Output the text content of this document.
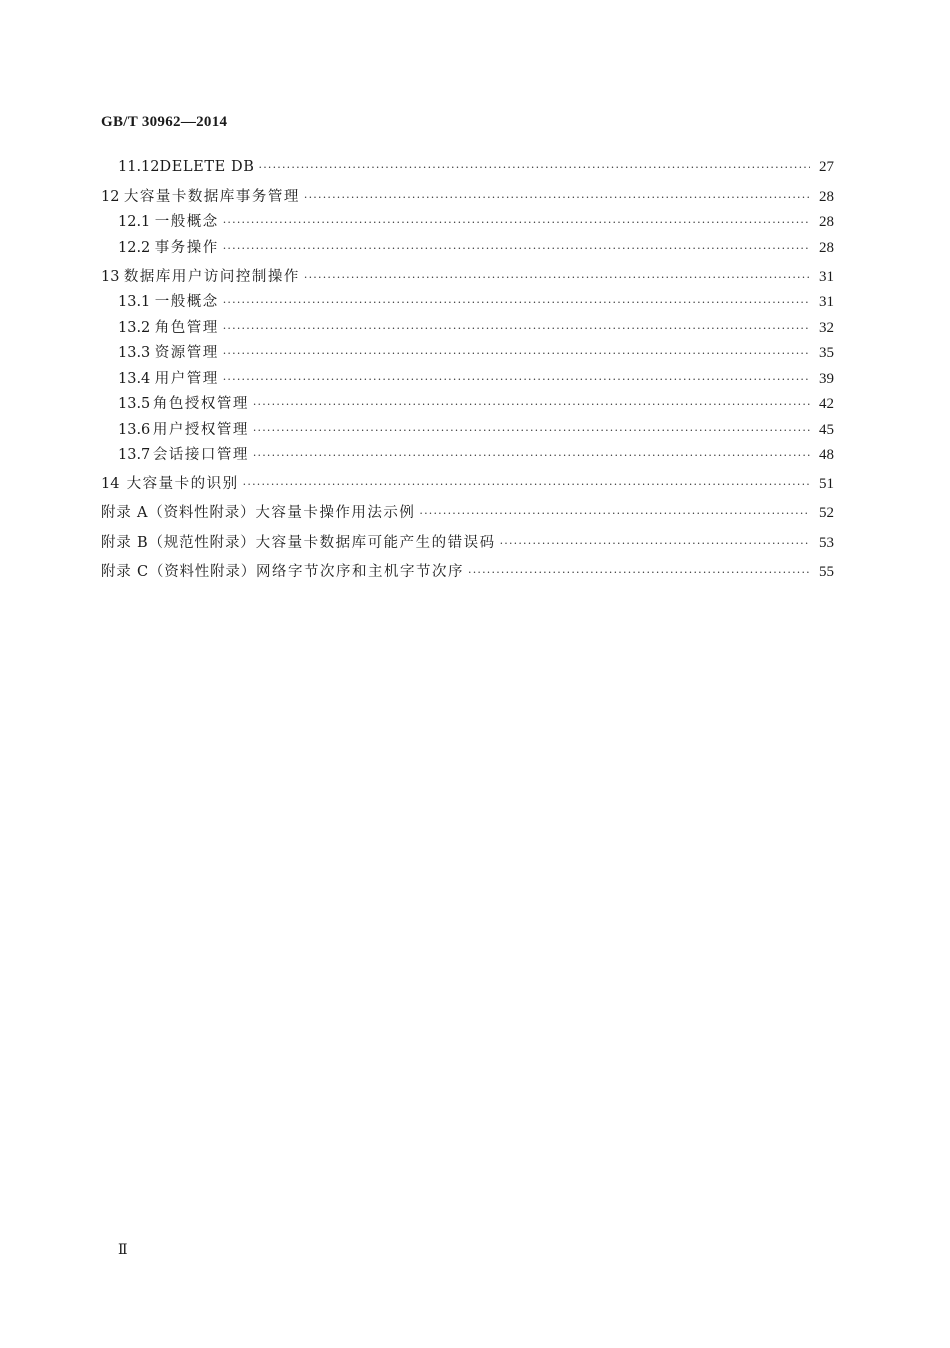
GB/T 30962—2014
11.12 DELETE DB ·····	27
12 大容量卡数据库事务管理 ·····	28
12.1 一般概念 ·····	28
12.2 事务操作 ·····	28
13 数据库用户访问控制操作 ·····	31
13.1 一般概念 ·····	31
13.2 角色管理 ·····	32
13.3 资源管理 ·····	35
13.4 用户管理 ·····	39
13.5 角色授权管理 ·····	42
13.6 用户授权管理 ·····	45
13.7 会话接口管理 ·····	48
14 大容量卡的识别 ·····	51
附录 A（资料性附录） 大容量卡操作用法示例 ·····	52
附录 B（规范性附录） 大容量卡数据库可能产生的错误码 ·····	53
附录 C（资料性附录） 网络字节次序和主机字节次序 ·····	55
Ⅱ
